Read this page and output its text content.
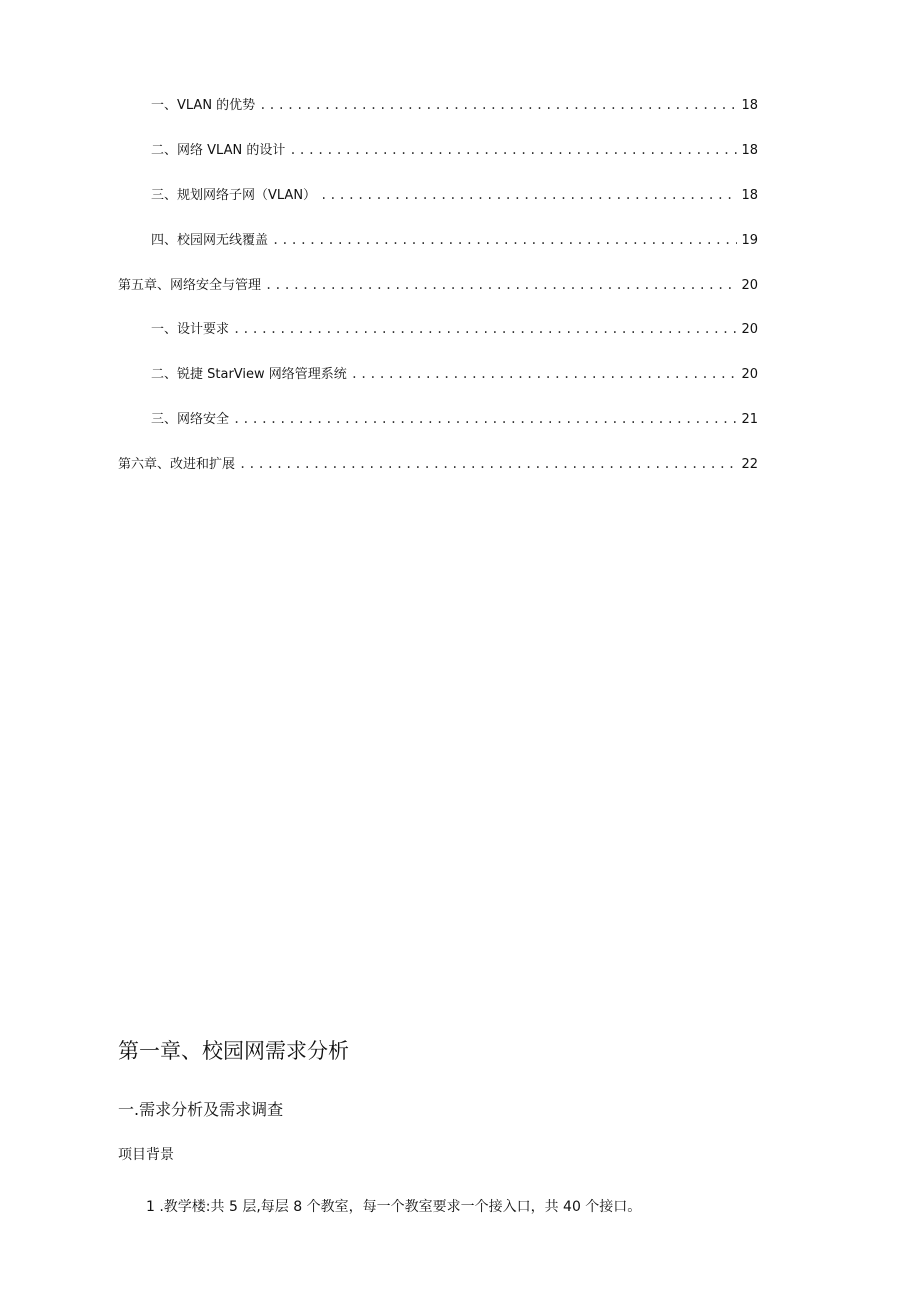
一、VLAN 的优势 .....	18
二、网络 VLAN 的设计 .....	18
三、规划网络子网（VLAN） .....	18
四、校园网无线覆盖 .....	19
第五章、网络安全与管理 .....	20
一、设计要求 .....	20
二、锐捷 StarView 网络管理系统 .....	20
三、网络安全 .....	21
第六章、改进和扩展 .....	22
第一章、校园网需求分析
一.需求分析及需求调查
项目背景

1 .教学楼:共 5 层,每层 8 个教室，每一个教室要求一个接入口，共 40 个接口。
